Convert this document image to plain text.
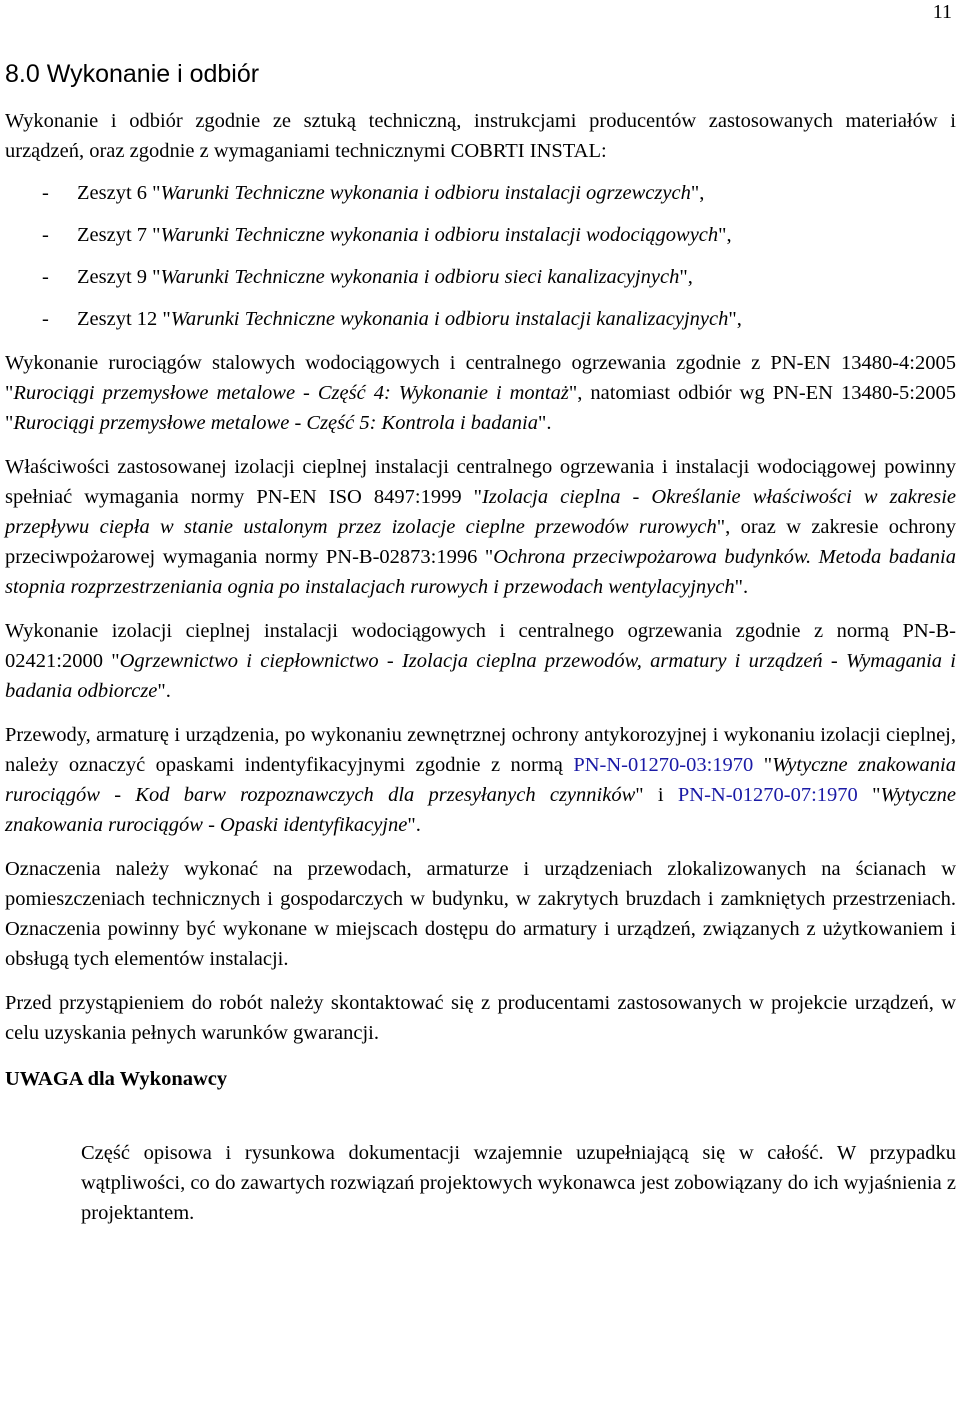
11
8.0 Wykonanie i odbiór

Wykonanie i odbiór zgodnie ze sztuką techniczną, instrukcjami producentów zastosowanych materiałów i urządzeń, oraz zgodnie z wymaganiami technicznymi COBRTI INSTAL:

- Zeszyt 6 "Warunki Techniczne wykonania i odbioru instalacji ogrzewczych",
- Zeszyt 7 "Warunki Techniczne wykonania i odbioru instalacji wodociągowych",
- Zeszyt 9 "Warunki Techniczne wykonania i odbioru sieci kanalizacyjnych",
- Zeszyt 12 "Warunki Techniczne wykonania i odbioru instalacji kanalizacyjnych",

Wykonanie rurociągów stalowych wodociągowych i centralnego ogrzewania zgodnie z PN-EN 13480-4:2005 "Rurociągi przemysłowe metalowe - Część 4: Wykonanie i montaż", natomiast odbiór wg PN-EN 13480-5:2005 "Rurociągi przemysłowe metalowe - Część 5: Kontrola i badania".

Właściwości zastosowanej izolacji cieplnej instalacji centralnego ogrzewania i instalacji wodociągowej powinny spełniać wymagania normy PN-EN ISO 8497:1999 "Izolacja cieplna - Określanie właściwości w zakresie przepływu ciepła w stanie ustalonym przez izolacje cieplne przewodów rurowych", oraz w zakresie ochrony przeciwpożarowej wymagania normy PN-B-02873:1996 "Ochrona przeciwpożarowa budynków. Metoda badania stopnia rozprzestrzeniania ognia po instalacjach rurowych i przewodach wentylacyjnych".

Wykonanie izolacji cieplnej instalacji wodociągowych i centralnego ogrzewania zgodnie z normą PN-B-02421:2000 "Ogrzewnictwo i ciepłownictwo - Izolacja cieplna przewodów, armatury i urządzeń - Wymagania i badania odbiorcze".

Przewody, armaturę i urządzenia, po wykonaniu zewnętrznej ochrony antykorozyjnej i wykonaniu izolacji cieplnej, należy oznaczyć opaskami indentyfikacyjnymi zgodnie z normą PN-N-01270-03:1970 "Wytyczne znakowania rurociągów - Kod barw rozpoznawczych dla przesyłanych czynników" i PN-N-01270-07:1970 "Wytyczne znakowania rurociągów - Opaski identyfikacyjne".

Oznaczenia należy wykonać na przewodach, armaturze i urządzeniach zlokalizowanych na ścianach w pomieszczeniach technicznych i gospodarczych w budynku, w zakrytych bruzdach i zamkniętych przestrzeniach. Oznaczenia powinny być wykonane w miejscach dostępu do armatury i urządzeń, związanych z użytkowaniem i obsługą tych elementów instalacji.

Przed przystąpieniem do robót należy skontaktować się z producentami zastosowanych w projekcie urządzeń, w celu uzyskania pełnych warunków gwarancji.

UWAGA dla Wykonawcy

Część opisowa i rysunkowa dokumentacji wzajemnie uzupełniającą się w całość. W przypadku wątpliwości, co do zawartych rozwiązań projektowych wykonawca jest zobowiązany do ich wyjaśnienia z projektantem.
